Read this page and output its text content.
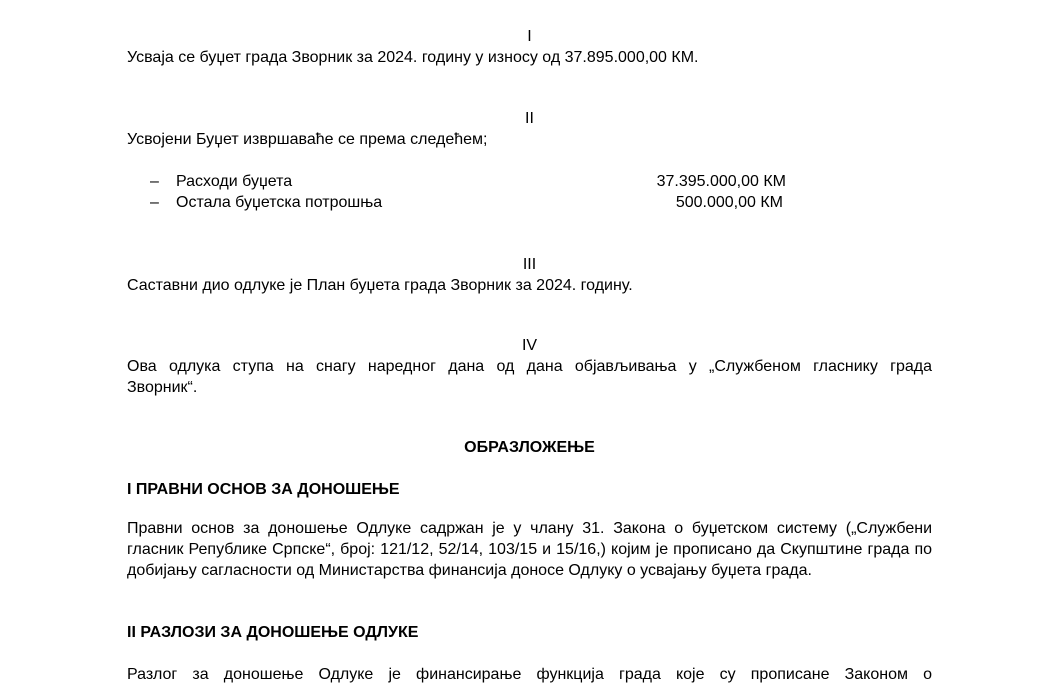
I
Усваја се буџет града Зворник за 2024. годину у износу од 37.895.000,00 КМ.
II
Усвојени Буџет извршаваће се према следећем;
– Расходи буџета	37.395.000,00 КМ
– Остала буџетска потрошња	500.000,00 КМ
III
Саставни дио одлуке је План буџета града Зворник за 2024. годину.
IV
Ова одлука ступа на снагу наредног дана од дана објављивања у „Службеном гласнику града
Зворник“.
ОБРАЗЛОЖЕЊЕ
I ПРАВНИ ОСНОВ ЗА ДОНОШЕЊЕ
Правни основ за доношење Одлуке садржан је у члану 31. Закона о буџетском систему („Службени гласник Републике Српске“, број: 121/12, 52/14, 103/15 и 15/16,) којим је прописано да Скупштине града по добијању сагласности од Министарства финансија доносе Одлуку о усвајању буџета града.
II РАЗЛОЗИ ЗА ДОНОШЕЊЕ ОДЛУКЕ
Разлог за доношење Одлуке је финансирање функција града које су прописане Законом о
